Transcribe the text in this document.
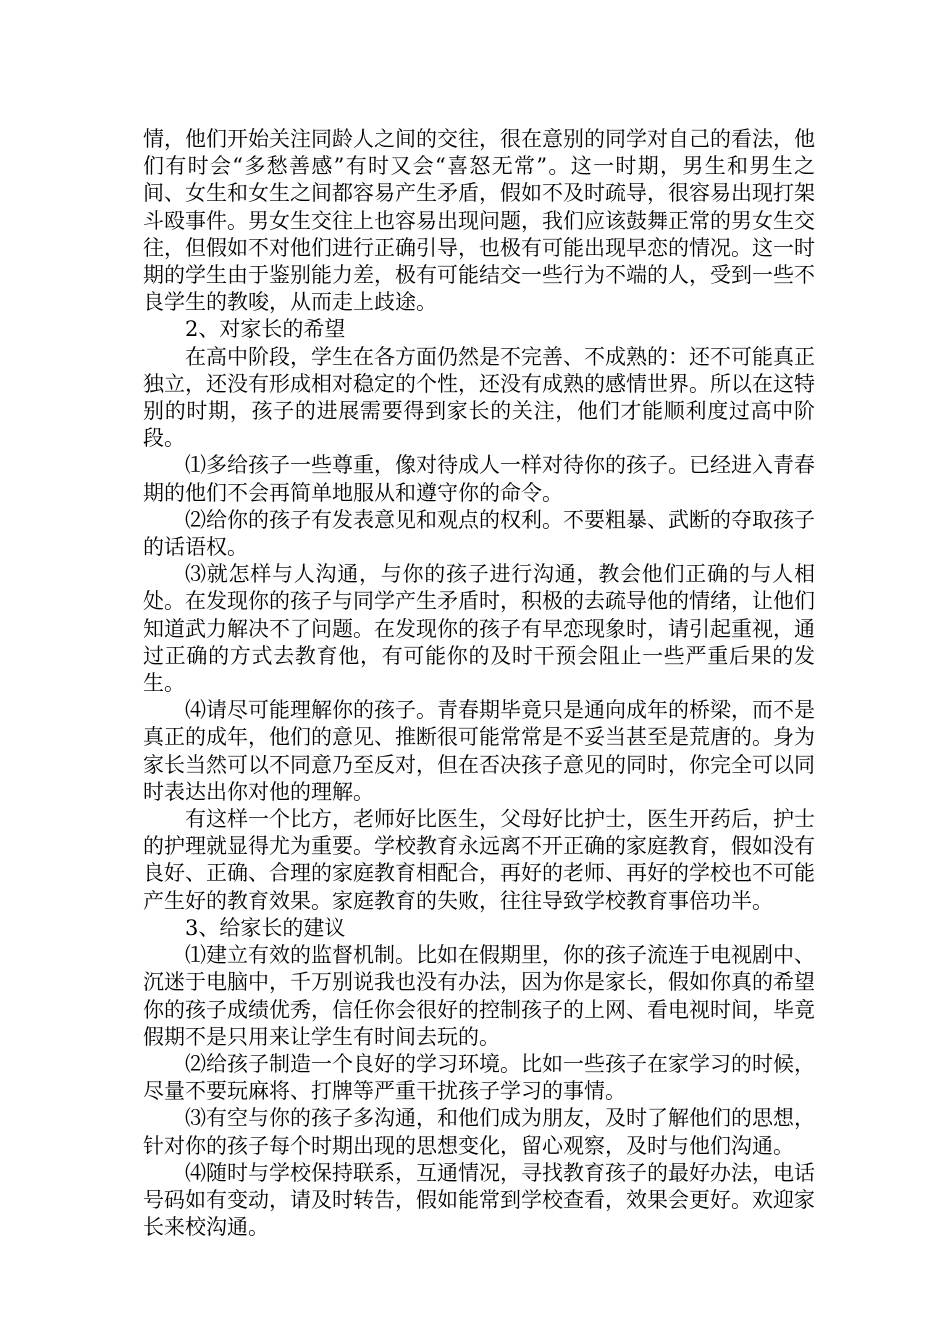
情，他们开始关注同龄人之间的交往，很在意别的同学对自己的看法，他们有时会“多愁善感”有时又会“喜怒无常”。这一时期，男生和男生之间、女生和女生之间都容易产生矛盾，假如不及时疏导，很容易出现打架斗殴事件。男女生交往上也容易出现问题，我们应该鼓舞正常的男女生交往，但假如不对他们进行正确引导，也极有可能出现早恋的情况。这一时期的学生由于鉴别能力差，极有可能结交一些行为不端的人，受到一些不良学生的教唆，从而走上歧途。

2、对家长的希望

在高中阶段，学生在各方面仍然是不完善、不成熟的：还不可能真正独立，还没有形成相对稳定的个性，还没有成熟的感情世界。所以在这特别的时期，孩子的进展需要得到家长的关注，他们才能顺利度过高中阶段。

⑴多给孩子一些尊重，像对待成人一样对待你的孩子。已经进入青春期的他们不会再简单地服从和遵守你的命令。

⑵给你的孩子有发表意见和观点的权利。不要粗暴、武断的夺取孩子的话语权。

⑶就怎样与人沟通，与你的孩子进行沟通，教会他们正确的与人相处。在发现你的孩子与同学产生矛盾时，积极的去疏导他的情绪，让他们知道武力解决不了问题。在发现你的孩子有早恋现象时，请引起重视，通过正确的方式去教育他，有可能你的及时干预会阻止一些严重后果的发生。

⑷请尽可能理解你的孩子。青春期毕竟只是通向成年的桥梁，而不是真正的成年，他们的意见、推断很可能常常是不妥当甚至是荒唐的。身为家长当然可以不同意乃至反对，但在否决孩子意见的同时，你完全可以同时表达出你对他的理解。

有这样一个比方，老师好比医生，父母好比护士，医生开药后，护士的护理就显得尤为重要。学校教育永远离不开正确的家庭教育，假如没有良好、正确、合理的家庭教育相配合，再好的老师、再好的学校也不可能产生好的教育效果。家庭教育的失败，往往导致学校教育事倍功半。

3、给家长的建议

⑴建立有效的监督机制。比如在假期里，你的孩子流连于电视剧中、沉迷于电脑中，千万别说我也没有办法，因为你是家长，假如你真的希望你的孩子成绩优秀，信任你会很好的控制孩子的上网、看电视时间，毕竟假期不是只用来让学生有时间去玩的。

⑵给孩子制造一个良好的学习环境。比如一些孩子在家学习的时候，尽量不要玩麻将、打牌等严重干扰孩子学习的事情。

⑶有空与你的孩子多沟通，和他们成为朋友，及时了解他们的思想，针对你的孩子每个时期出现的思想变化，留心观察，及时与他们沟通。

⑷随时与学校保持联系，互通情况，寻找教育孩子的最好办法，电话号码如有变动，请及时转告，假如能常到学校查看，效果会更好。欢迎家长来校沟通。
